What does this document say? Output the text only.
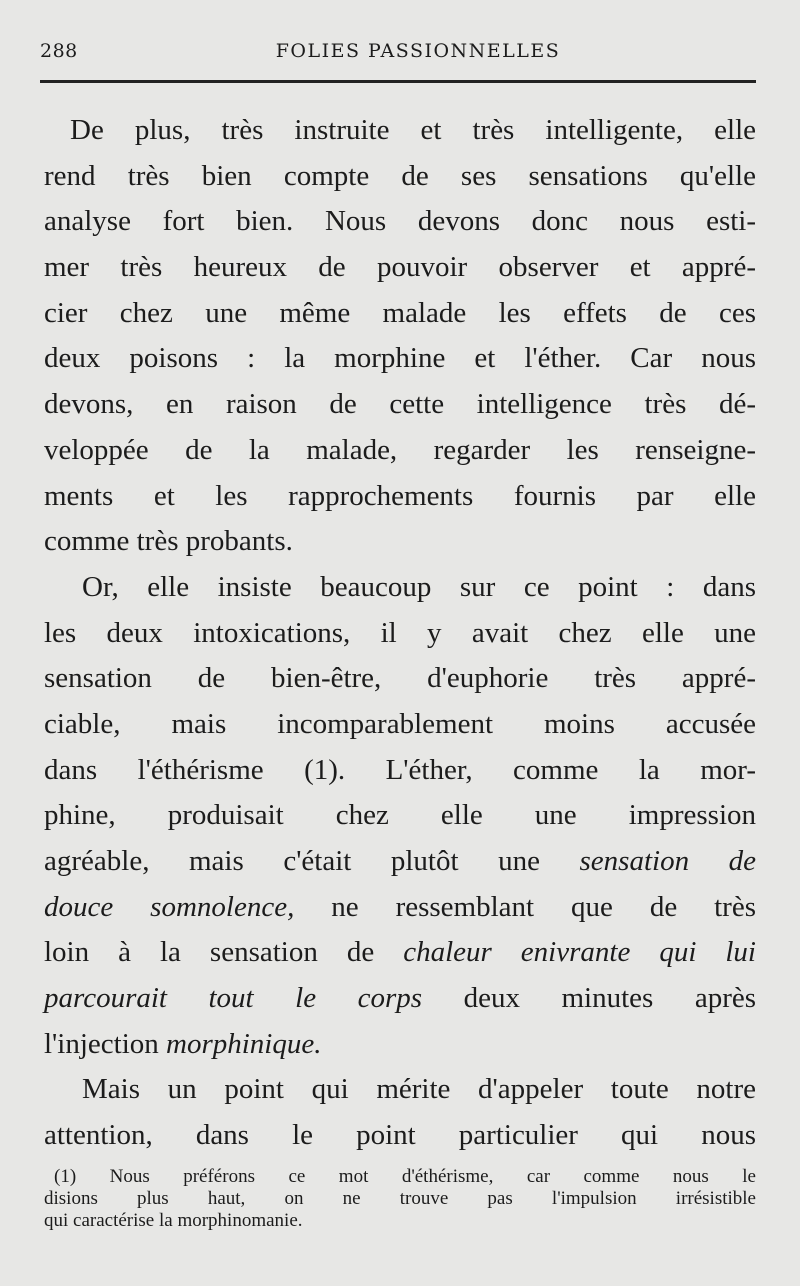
288	FOLIES PASSIONNELLES
De plus, très instruite et très intelligente, elle
rend très bien compte de ses sensations qu'elle
analyse fort bien. Nous devons donc nous esti-
mer très heureux de pouvoir observer et appré-
cier chez une même malade les effets de ces
deux poisons : la morphine et l'éther. Car nous
devons, en raison de cette intelligence très dé-
veloppée de la malade, regarder les renseigne-
ments et les rapprochements fournis par elle
comme très probants.
Or, elle insiste beaucoup sur ce point : dans
les deux intoxications, il y avait chez elle une
sensation de bien-être, d'euphorie très appré-
ciable, mais incomparablement moins accusée
dans l'éthérisme (1). L'éther, comme la mor-
phine, produisait chez elle une impression
agréable, mais c'était plutôt une sensation de
douce somnolence, ne ressemblant que de très
loin à la sensation de chaleur enivrante qui lui
parcourait tout le corps deux minutes après
l'injection morphinique.
Mais un point qui mérite d'appeler toute notre
attention, dans le point particulier qui nous
(1) Nous préférons ce mot d'éthérisme, car comme nous le
disions plus haut, on ne trouve pas l'impulsion irrésistible
qui caractérise la morphinomanie.
